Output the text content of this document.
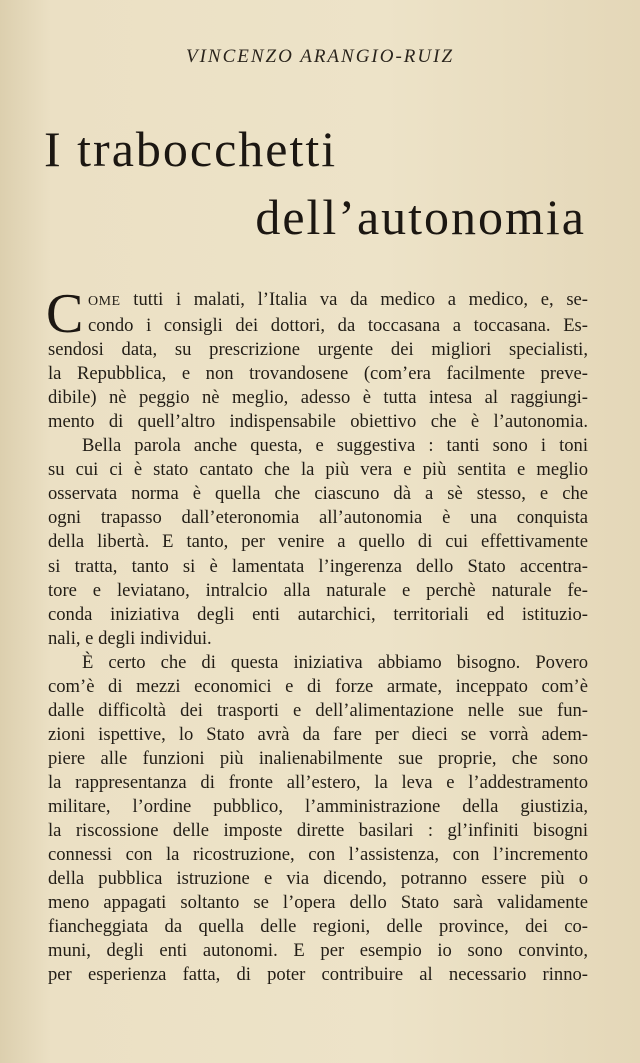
VINCENZO ARANGIO-RUIZ
I trabocchetti
dell’autonomia
C OME tutti i malati, l’Italia va da medico a medico, e, se-
condo i consigli dei dottori, da toccasana a toccasana. Es-
sendosi data, su prescrizione urgente dei migliori specialisti,
la Repubblica, e non trovandosene (com’era facilmente preve-
dibile) nè peggio nè meglio, adesso è tutta intesa al raggiungi-
mento di quell’altro indispensabile obiettivo che è l’autonomia.
Bella parola anche questa, e suggestiva : tanti sono i toni
su cui ci è stato cantato che la più vera e più sentita e meglio
osservata norma è quella che ciascuno dà a sè stesso, e che
ogni trapasso dall’eteronomia all’autonomia è una conquista
della libertà. E tanto, per venire a quello di cui effettivamente
si tratta, tanto si è lamentata l’ingerenza dello Stato accentra-
tore e leviatano, intralcio alla naturale e perchè naturale fe-
conda iniziativa degli enti autarchici, territoriali ed istituzio-
nali, e degli individui.
È certo che di questa iniziativa abbiamo bisogno. Povero
com’è di mezzi economici e di forze armate, inceppato com’è
dalle difficoltà dei trasporti e dell’alimentazione nelle sue fun-
zioni ispettive, lo Stato avrà da fare per dieci se vorrà adem-
piere alle funzioni più inalienabilmente sue proprie, che sono
la rappresentanza di fronte all’estero, la leva e l’addestramento
militare, l’ordine pubblico, l’amministrazione della giustizia,
la riscossione delle imposte dirette basilari : gl’infiniti bisogni
connessi con la ricostruzione, con l’assistenza, con l’incremento
della pubblica istruzione e via dicendo, potranno essere più o
meno appagati soltanto se l’opera dello Stato sarà validamente
fiancheggiata da quella delle regioni, delle province, dei co-
muni, degli enti autonomi. E per esempio io sono convinto,
per esperienza fatta, di poter contribuire al necessario rinno-
